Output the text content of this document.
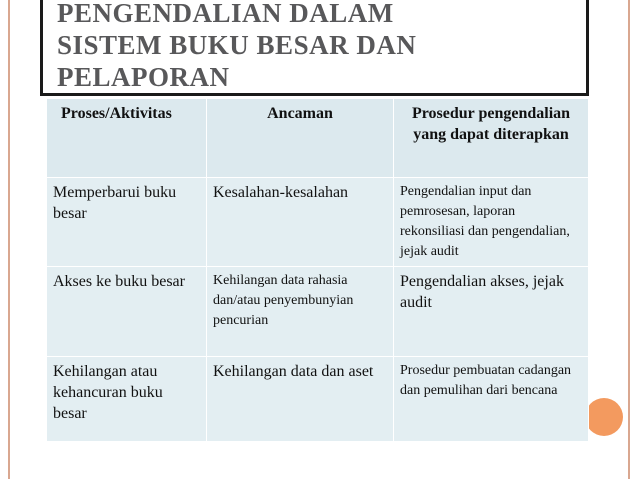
PENGENDALIAN DALAM
SISTEM BUKU BESAR DAN
PELAPORAN
Proses/Aktivitas	Ancaman	Prosedur pengendalian yang dapat diterapkan
Memperbarui buku besar	Kesalahan-kesalahan	Pengendalian input dan pemrosesan, laporan rekonsiliasi dan pengendalian, jejak audit
Akses ke buku besar	Kehilangan data rahasia dan/atau penyembunyian pencurian	Pengendalian akses, jejak audit
Kehilangan atau kehancuran buku besar	Kehilangan data dan aset	Prosedur pembuatan cadangan dan pemulihan dari bencana
